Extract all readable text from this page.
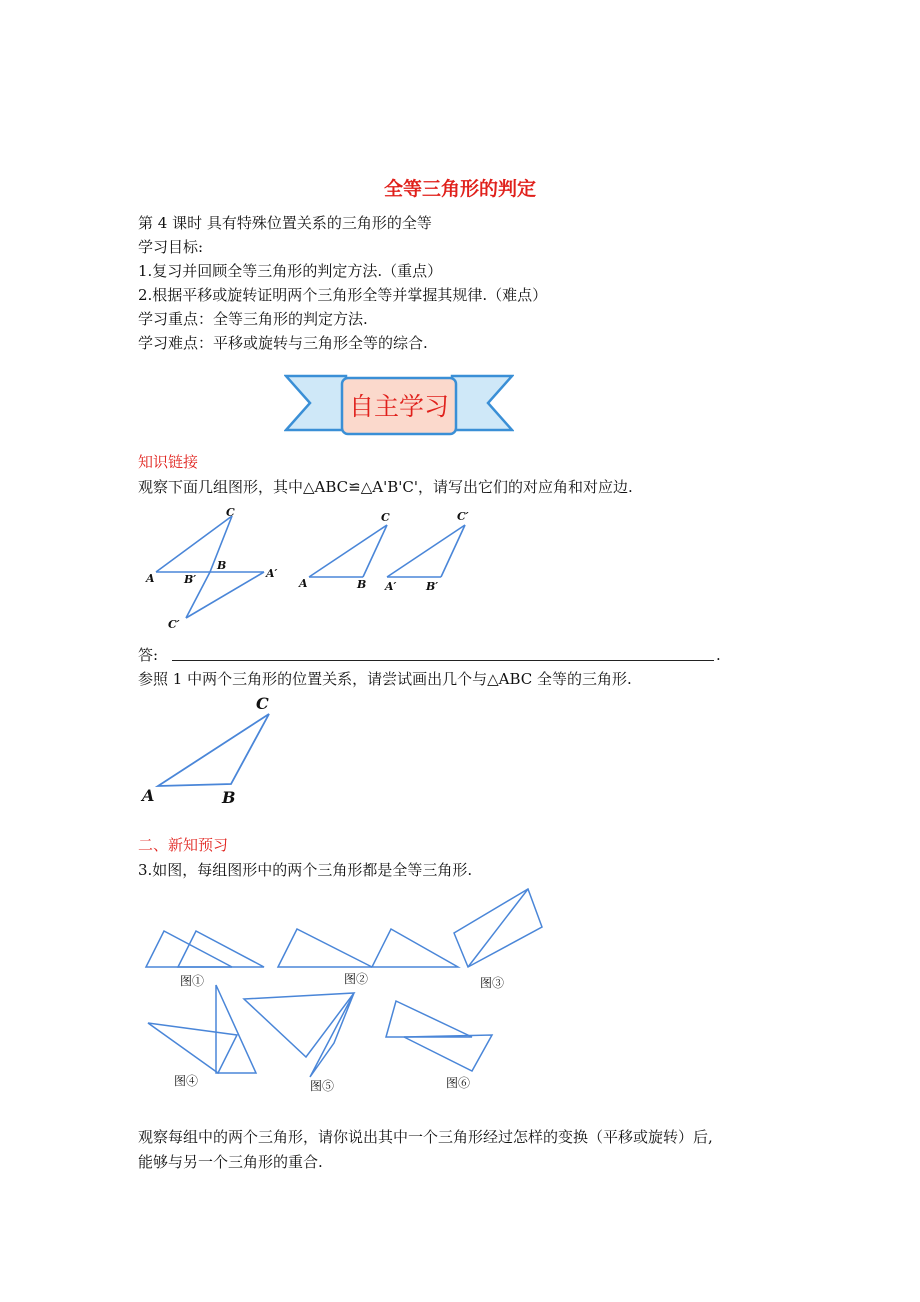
全等三角形的判定
第 4 课时 具有特殊位置关系的三角形的全等
学习目标:
1.复习并回顾全等三角形的判定方法.（重点）
2.根据平移或旋转证明两个三角形全等并掌握其规律.（难点）
学习重点：全等三角形的判定方法.
学习难点：平移或旋转与三角形全等的综合.
自主学习
知识链接
观察下面几组图形，其中△ABC≌△A'B'C'，请写出它们的对应角和对应边.
A
C
B
B′	A′
C′
A
C
B A′
C′
B′
答:	.
参照 1 中两个三角形的位置关系，请尝试画出几个与△ABC 全等的三角形.
A	B
C
二、新知预习
3.如图，每组图形中的两个三角形都是全等三角形.
图①	图②	图③
图④	图⑤	图⑥
观察每组中的两个三角形，请你说出其中一个三角形经过怎样的变换（平移或旋转）后,
能够与另一个三角形的重合.
